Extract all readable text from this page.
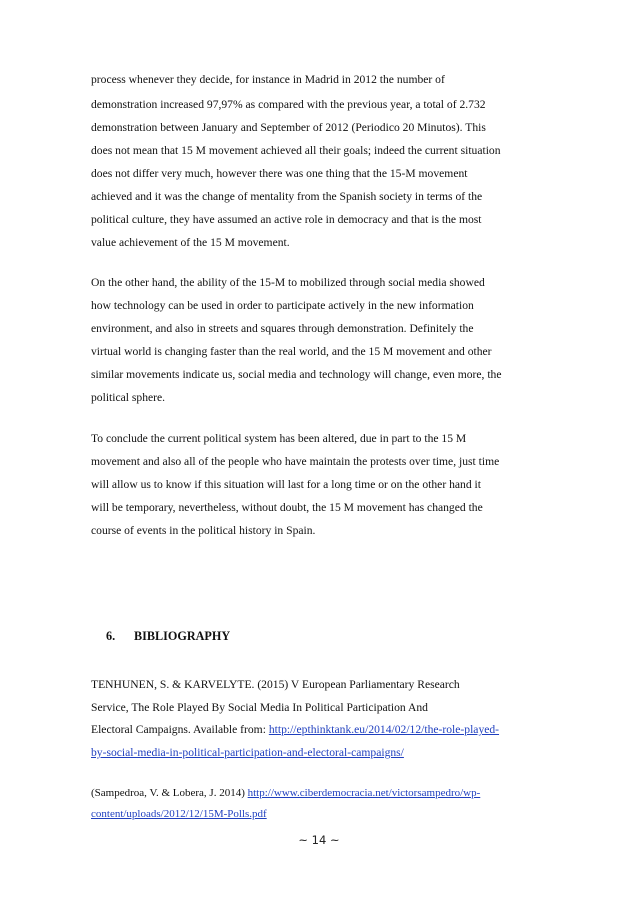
process whenever they decide, for instance in Madrid in 2012 the number of
demonstration increased 97,97% as compared with the previous year, a total of 2.732
demonstration between January and September of 2012 (Periodico 20 Minutos). This
does not mean that 15 M movement achieved all their goals; indeed the current situation
does not differ very much, however there was one thing that the 15-M movement
achieved and it was the change of mentality from the Spanish society in terms of the
political culture, they have assumed an active role in democracy and that is the most
value achievement of the 15 M movement.
On the other hand, the ability of the 15-M to mobilized through social media showed
how technology can be used in order to participate actively in the new information
environment, and also in streets and squares through demonstration. Definitely the
virtual world is changing faster than the real world, and the 15 M movement and other
similar movements indicate us, social media and technology will change, even more, the
political sphere.
To conclude the current political system has been altered, due in part to the 15 M
movement and also all of the people who have maintain the protests over time, just time
will allow us to know if this situation will last for a long time or on the other hand it
will be temporary, nevertheless, without doubt, the 15 M movement has changed the
course of events in the political history in Spain.
6. BIBLIOGRAPHY
TENHUNEN, S. & KARVELYTE. (2015) V European Parliamentary Research
Service, The Role Played By Social Media In Political Participation And
Electoral Campaigns. Available from: http://epthinktank.eu/2014/02/12/the-role-played-
by-social-media-in-political-participation-and-electoral-campaigns/
(Sampedroa, V. & Lobera, J. 2014) http://www.ciberdemocracia.net/victorsampedro/wp-
content/uploads/2012/12/15M-Polls.pdf
~ 14 ~
